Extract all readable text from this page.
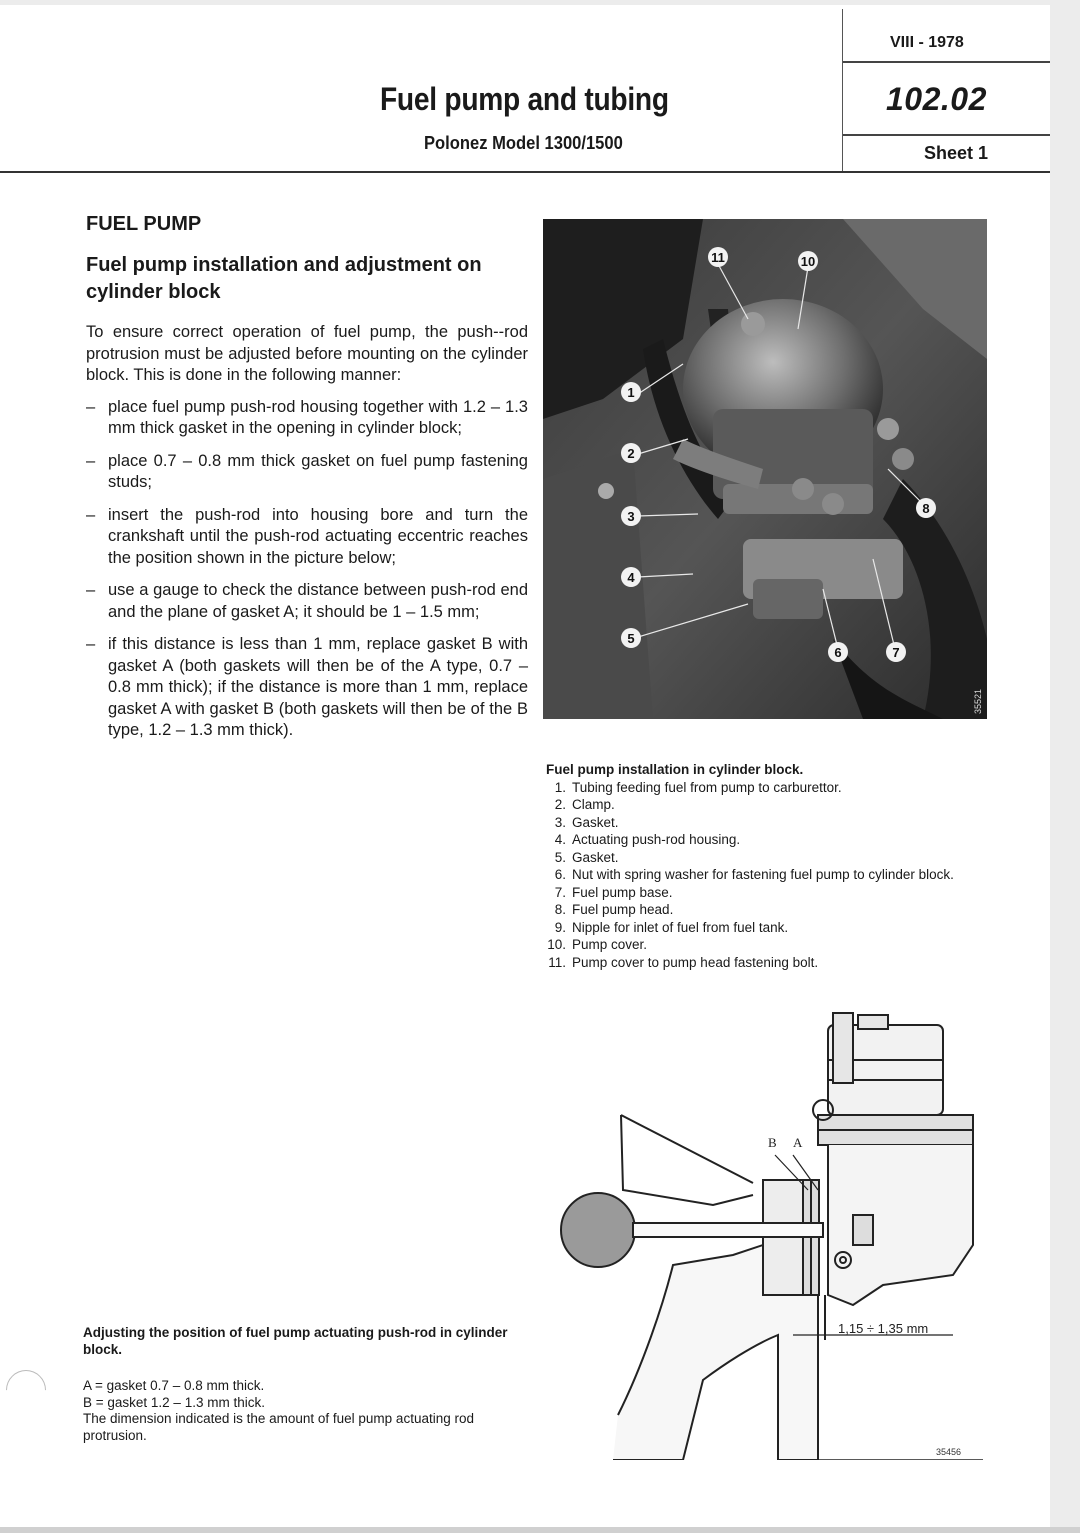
Fuel pump and tubing
Polonez Model 1300/1500
VIII - 1978
102.02
Sheet 1
FUEL PUMP
Fuel pump installation and adjustment on cylinder block

To ensure correct operation of fuel pump, the push--rod protrusion must be adjusted before mounting on the cylinder block. This is done in the following manner:

– place fuel pump push-rod housing together with 1.2 – 1.3 mm thick gasket in the opening in cylinder block;
– place 0.7 – 0.8 mm thick gasket on fuel pump fastening studs;
– insert the push-rod into housing bore and turn the crankshaft until the push-rod actuating eccentric reaches the position shown in the picture below;
– use a gauge to check the distance between push-rod end and the plane of gasket A; it should be 1 – 1.5 mm;
– if this distance is less than 1 mm, replace gasket B with gasket A (both gaskets will then be of the A type, 0.7 – 0.8 mm thick); if the distance is more than 1 mm, replace gasket A with gasket B (both gaskets will then be of the B type, 1.2 – 1.3 mm thick).
11	10
1
2
3
4
5
6	7
8
35521
Fuel pump installation in cylinder block.
1. Tubing feeding fuel from pump to carburettor.
2. Clamp.
3. Gasket.
4. Actuating push-rod housing.
5. Gasket.
6. Nut with spring washer for fastening fuel pump to cylinder block.
7. Fuel pump base.
8. Fuel pump head.
9. Nipple for inlet of fuel from fuel tank.
10. Pump cover.
11. Pump cover to pump head fastening bolt.
B A
1,15 ÷ 1,35 mm
35456
Adjusting the position of fuel pump actuating push-rod in cylinder block.
A = gasket 0.7 – 0.8 mm thick.
B = gasket 1.2 – 1.3 mm thick.
The dimension indicated is the amount of fuel pump actuating rod protrusion.
